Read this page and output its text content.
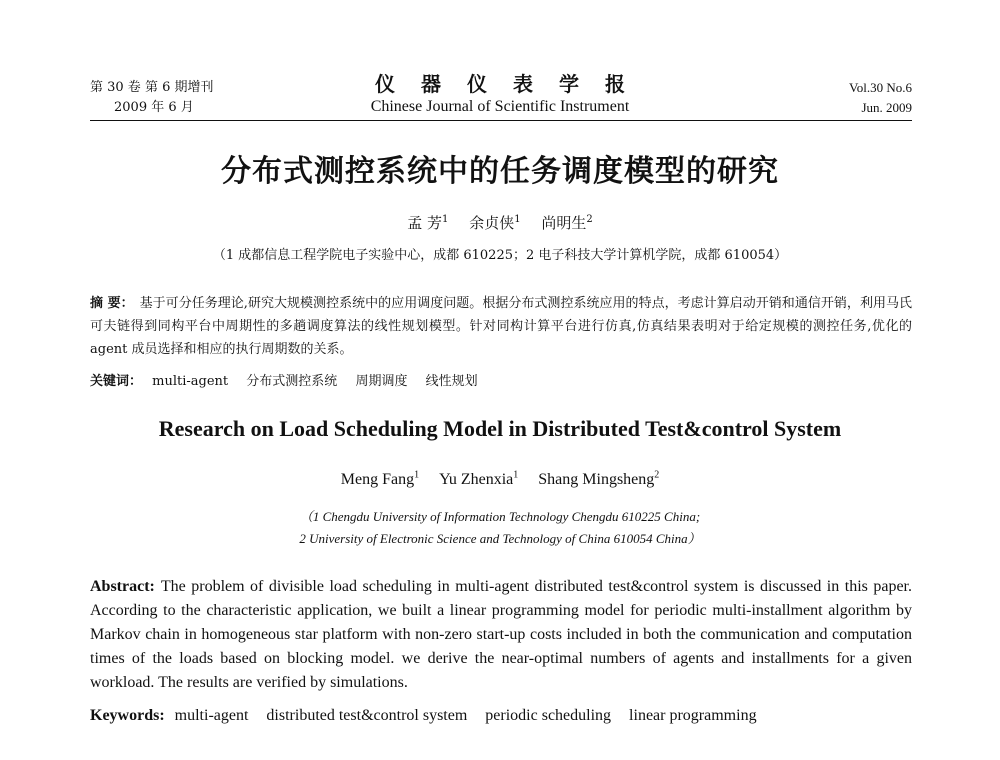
第 30 卷 第 6 期增刊
2009 年 6 月
仪器仪表学报
Chinese Journal of Scientific Instrument
Vol.30 No.6
Jun. 2009
分布式测控系统中的任务调度模型的研究
孟 芳$^1$ 余贞侠$^1$ 尚明生$^2$
（1 成都信息工程学院电子实验中心，成都 610225；2 电子科技大学计算机学院，成都 610054）
摘 要： 基于可分任务理论,研究大规模测控系统中的应用调度问题。根据分布式测控系统应用的特点，考虑计算启动开销和通信开销，利用马氏可夫链得到同构平台中周期性的多趟调度算法的线性规划模型。针对同构计算平台进行仿真,仿真结果表明对于给定规模的测控任务,优化的 agent 成员选择和相应的执行周期数的关系。
关键词： multi-agent 分布式测控系统 周期调度 线性规划
Research on Load Scheduling Model in Distributed Test&control System
Meng Fang$^1$ Yu Zhenxia$^1$ Shang Mingsheng$^2$
（1 Chengdu University of Information Technology Chengdu 610225 China;
2 University of Electronic Science and Technology of China 610054 China）
Abstract: The problem of divisible load scheduling in multi-agent distributed test&control system is discussed in this paper. According to the characteristic application, we built a linear programming model for periodic multi-installment algorithm by Markov chain in homogeneous star platform with non-zero start-up costs included in both the communication and computation times of the loads based on blocking model. we derive the near-optimal numbers of agents and installments for a given workload. The results are verified by simulations.
Keywords: multi-agent distributed test&control system periodic scheduling linear programming
